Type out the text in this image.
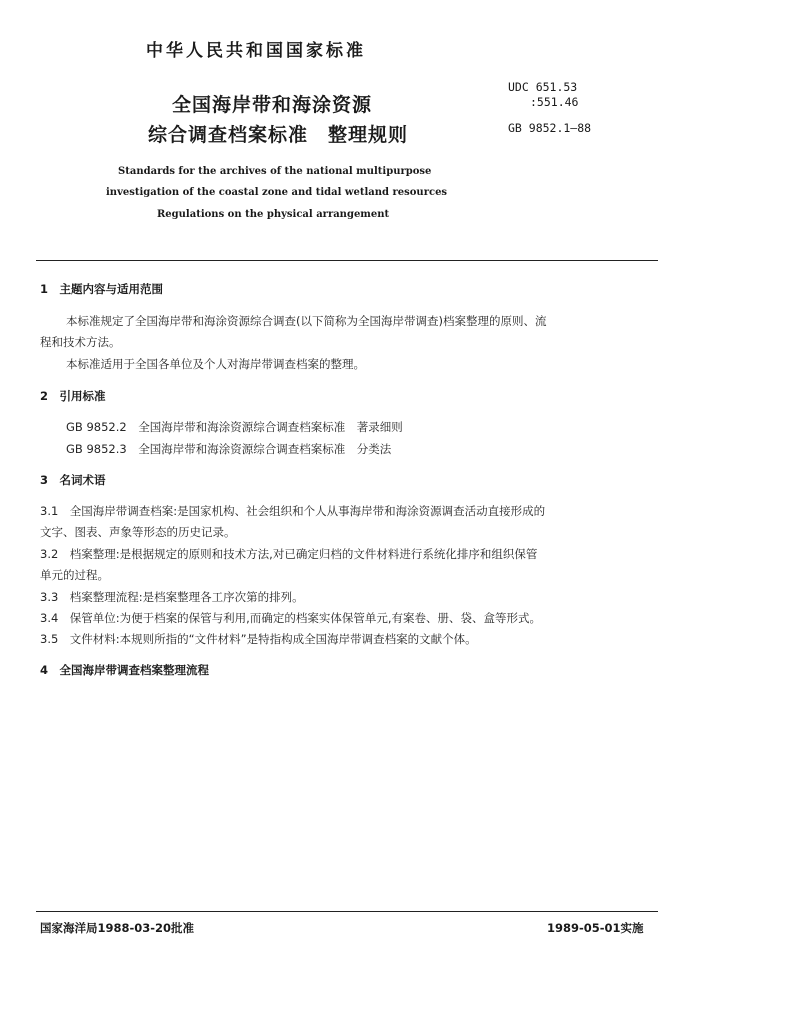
中华人民共和国国家标准
全国海岸带和海涂资源
综合调查档案标准　整理规则
UDC 651.53
:551.46
GB 9852.1—88
Standards for the archives of the national multipurpose
investigation of the coastal zone and tidal wetland resources
Regulations on the physical arrangement
1　主题内容与适用范围
本标准规定了全国海岸带和海涂资源综合调查(以下简称为全国海岸带调查)档案整理的原则、流
程和技术方法。
本标准适用于全国各单位及个人对海岸带调查档案的整理。
2　引用标准
GB 9852.2　全国海岸带和海涂资源综合调查档案标准　著录细则
GB 9852.3　全国海岸带和海涂资源综合调查档案标准　分类法
3　名词术语
3.1　全国海岸带调查档案:是国家机构、社会组织和个人从事海岸带和海涂资源调查活动直接形成的
文字、图表、声象等形态的历史记录。
3.2　档案整理:是根据规定的原则和技术方法,对已确定归档的文件材料进行系统化排序和组织保管
单元的过程。
3.3　档案整理流程:是档案整理各工序次第的排列。
3.4　保管单位:为便于档案的保管与利用,而确定的档案实体保管单元,有案卷、册、袋、盒等形式。
3.5　文件材料:本规则所指的“文件材料”是特指构成全国海岸带调查档案的文献个体。
4　全国海岸带调查档案整理流程
国家海洋局1988-03-20批准	1989-05-01实施
